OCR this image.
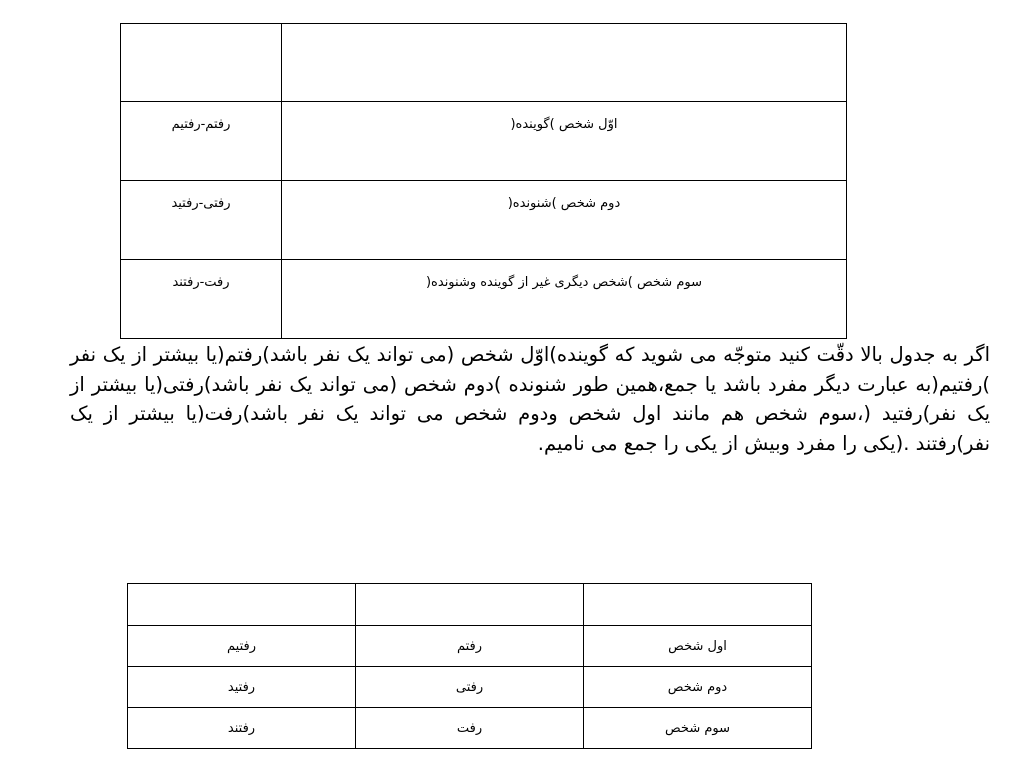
رفتم-رفتیم	اوّل شخص )گوینده(
رفتی-رفتید	دوم شخص )شنونده(
رفت-رفتند	سوم شخص )شخص دیگری غیر از گوینده وشنونده(
اگر به جدول بالا دقّت کنید متوجّه می شوید که گوینده)اوّل شخص (می تواند یک نفر باشد)رفتم(یا بیشتر از یک نفر )رفتیم(به عبارت دیگر مفرد باشد یا جمع،همین طور شنونده )دوم شخص (می تواند یک نفر باشد)رفتی(یا بیشتر از یک نفر)رفتید (،سوم شخص هم مانند اول شخص ودوم شخص می تواند یک نفر باشد)رفت(یا بیشتر از یک نفر)رفتند .(یکی را مفرد وبیش از یکی را جمع می نامیم.

رفتیم	رفتم	اول شخص
رفتید	رفتی	دوم شخص
رفتند	رفت	سوم شخص
